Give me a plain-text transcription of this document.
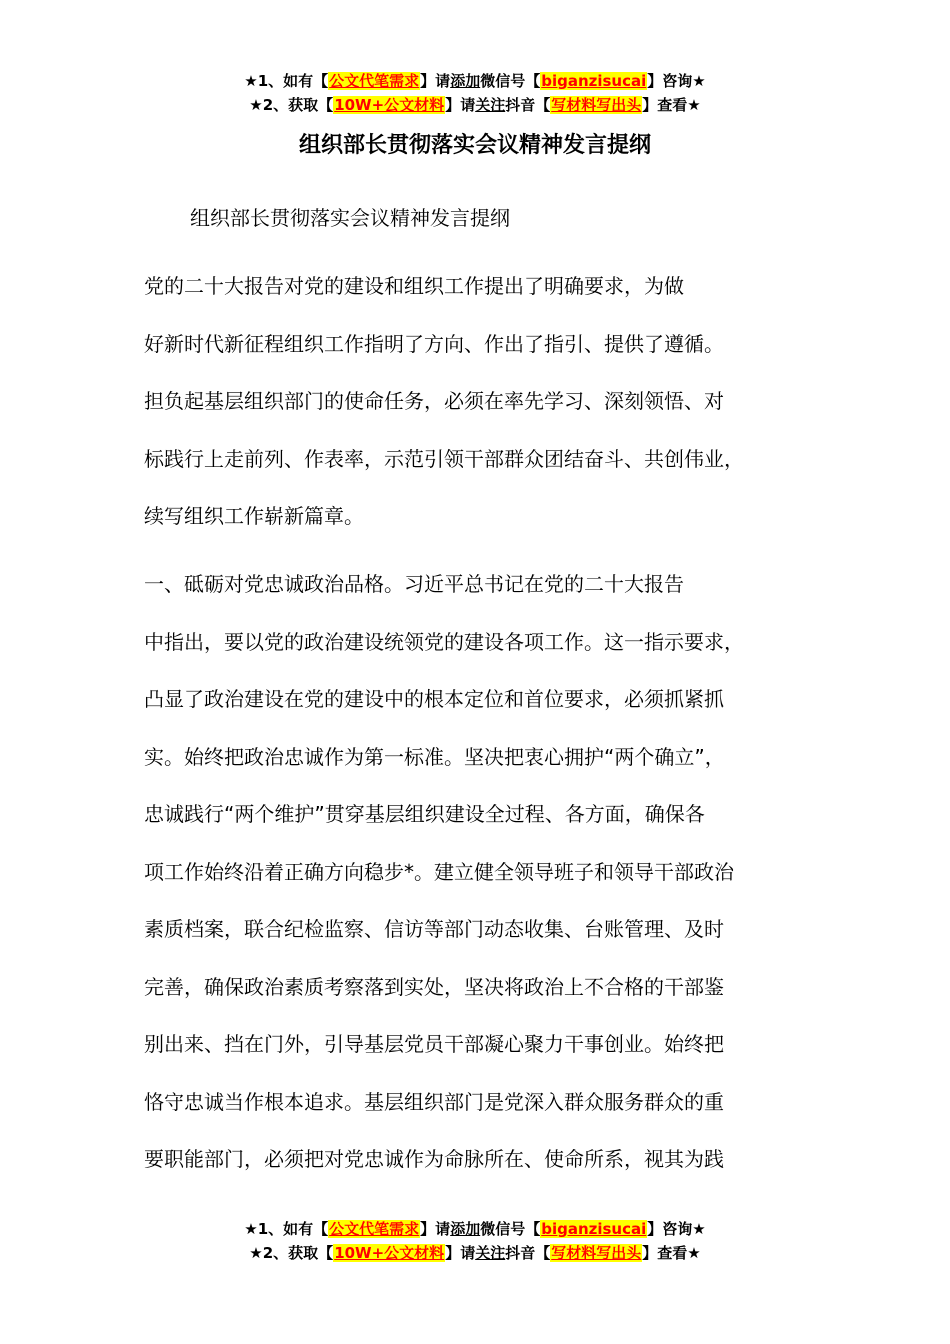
★1、如有【公文代笔需求】请添加微信号【biganzisucai】咨询★
★2、获取【10W+公文材料】请关注抖音【写材料写出头】查看★
组织部长贯彻落实会议精神发言提纲
组织部长贯彻落实会议精神发言提纲
党的二十大报告对党的建设和组织工作提出了明确要求，为做
好新时代新征程组织工作指明了方向、作出了指引、提供了遵循。
担负起基层组织部门的使命任务，必须在率先学习、深刻领悟、对
标践行上走前列、作表率，示范引领干部群众团结奋斗、共创伟业，
续写组织工作崭新篇章。
一、砥砺对党忠诚政治品格。习近平总书记在党的二十大报告
中指出，要以党的政治建设统领党的建设各项工作。这一指示要求，
凸显了政治建设在党的建设中的根本定位和首位要求，必须抓紧抓
实。始终把政治忠诚作为第一标准。坚决把衷心拥护“两个确立”，
忠诚践行“两个维护”贯穿基层组织建设全过程、各方面，确保各
项工作始终沿着正确方向稳步*。建立健全领导班子和领导干部政治
素质档案，联合纪检监察、信访等部门动态收集、台账管理、及时
完善，确保政治素质考察落到实处，坚决将政治上不合格的干部鉴
别出来、挡在门外，引导基层党员干部凝心聚力干事创业。始终把
恪守忠诚当作根本追求。基层组织部门是党深入群众服务群众的重
要职能部门，必须把对党忠诚作为命脉所在、使命所系，视其为践
★1、如有【公文代笔需求】请添加微信号【biganzisucai】咨询★
★2、获取【10W+公文材料】请关注抖音【写材料写出头】查看★
